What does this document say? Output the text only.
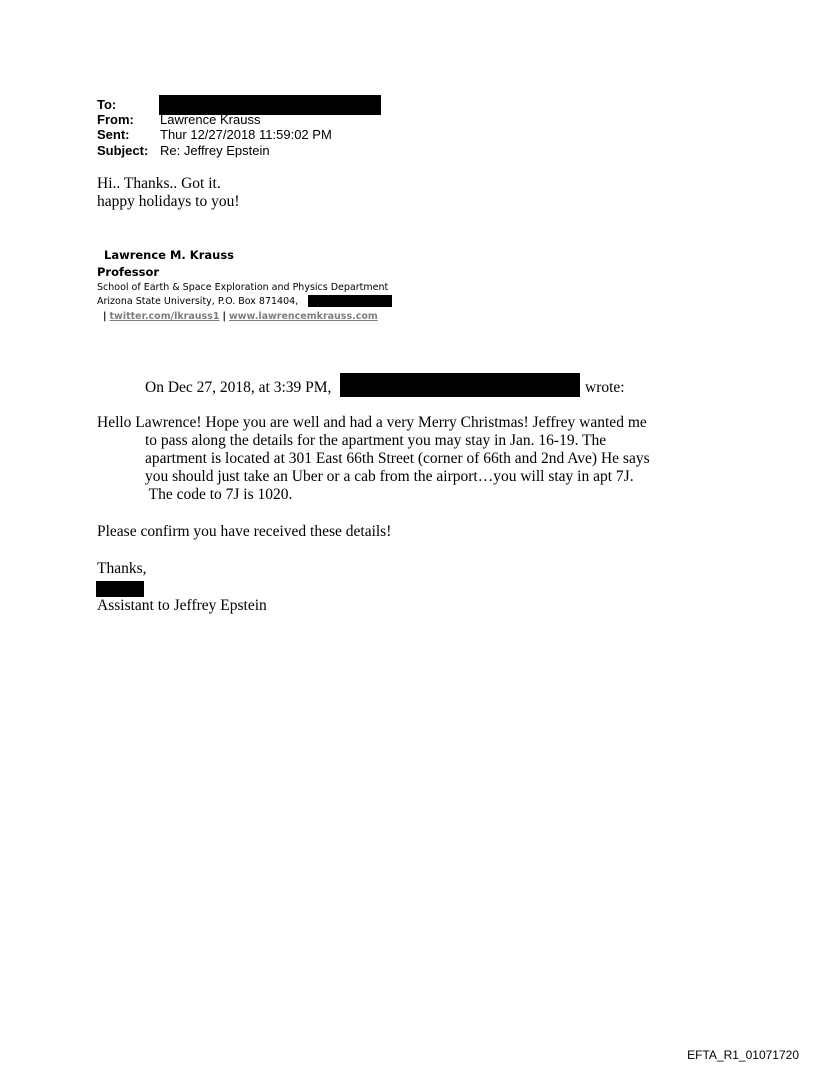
To:
From: Lawrence Krauss
Sent: Thur 12/27/2018 11:59:02 PM
Subject: Re: Jeffrey Epstein
Hi.. Thanks.. Got it.
happy holidays to you!
Lawrence M. Krauss
Professor
School of Earth & Space Exploration and Physics Department
Arizona State University, P.O. Box 871404,
| twitter.com/lkrauss1 | www.lawrencemkrauss.com
On Dec 27, 2018, at 3:39 PM,	wrote:
Hello Lawrence! Hope you are well and had a very Merry Christmas! Jeffrey wanted me
to pass along the details for the apartment you may stay in Jan. 16-19. The
apartment is located at 301 East 66th Street (corner of 66th and 2nd Ave) He says
you should just take an Uber or a cab from the airport…you will stay in apt 7J.
The code to 7J is 1020.
Please confirm you have received these details!
Thanks,
Assistant to Jeffrey Epstein
EFTA_R1_01071720
